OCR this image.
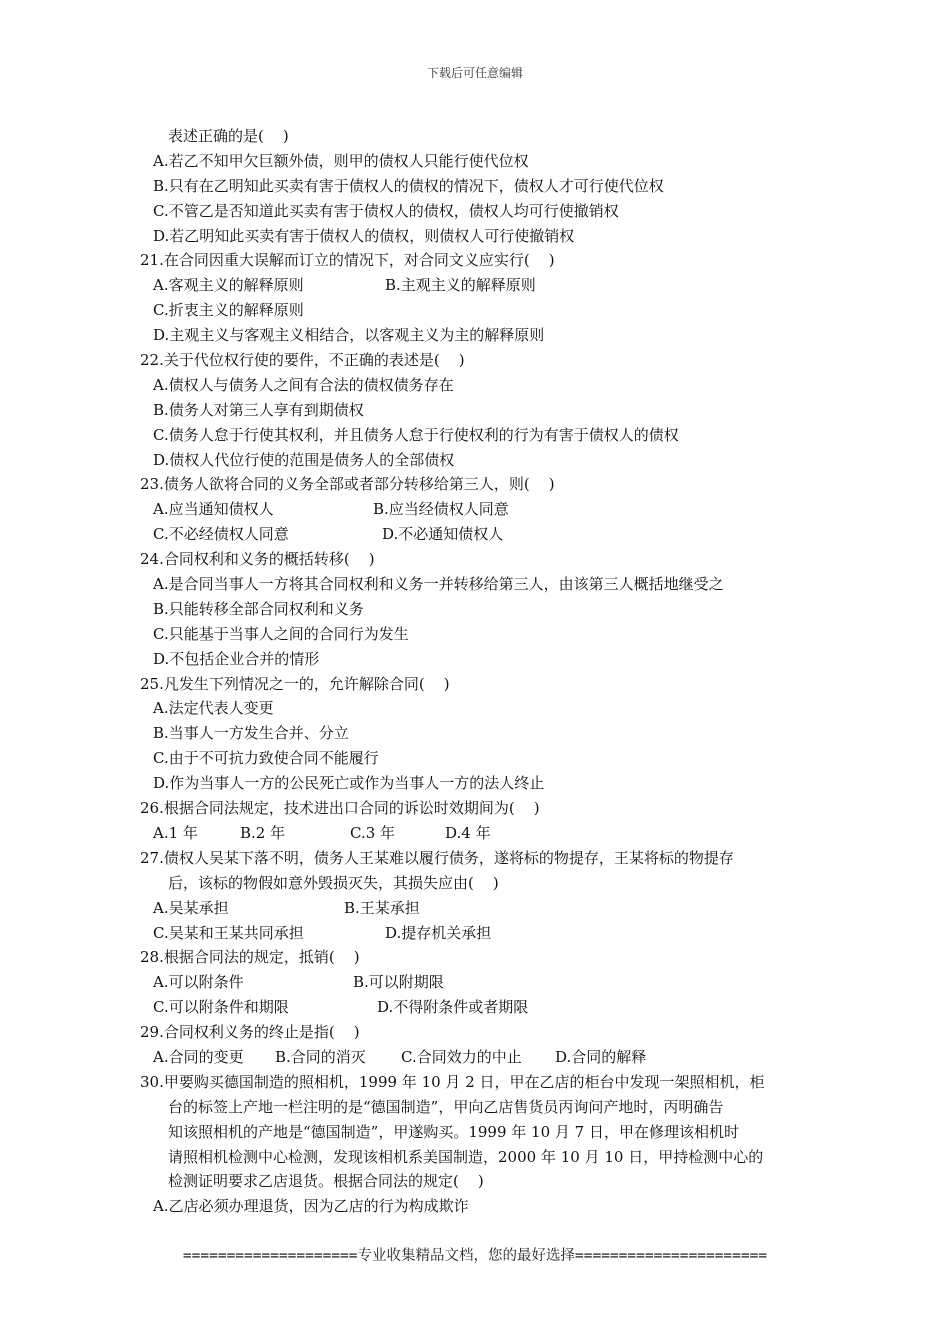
下载后可任意编辑
表述正确的是(    )
A.若乙不知甲欠巨额外债，则甲的债权人只能行使代位权
B.只有在乙明知此买卖有害于债权人的债权的情况下，债权人才可行使代位权
C.不管乙是否知道此买卖有害于债权人的债权，债权人均可行使撤销权
D.若乙明知此买卖有害于债权人的债权，则债权人可行使撤销权
21.在合同因重大误解而订立的情况下，对合同文义应实行(    )
A.客观主义的解释原则	B.主观主义的解释原则
C.折衷主义的解释原则
D.主观主义与客观主义相结合，以客观主义为主的解释原则
22.关于代位权行使的要件，不正确的表述是(    )
A.债权人与债务人之间有合法的债权债务存在
B.债务人对第三人享有到期债权
C.债务人怠于行使其权利，并且债务人怠于行使权利的行为有害于债权人的债权
D.债权人代位行使的范围是债务人的全部债权
23.债务人欲将合同的义务全部或者部分转移给第三人，则(    )
A.应当通知债权人	B.应当经债权人同意
C.不必经债权人同意	D.不必通知债权人
24.合同权利和义务的概括转移(    )
A.是合同当事人一方将其合同权利和义务一并转移给第三人，由该第三人概括地继受之
B.只能转移全部合同权利和义务
C.只能基于当事人之间的合同行为发生
D.不包括企业合并的情形
25.凡发生下列情况之一的，允许解除合同(    )
A.法定代表人变更
B.当事人一方发生合并、分立
C.由于不可抗力致使合同不能履行
D.作为当事人一方的公民死亡或作为当事人一方的法人终止
26.根据合同法规定，技术进出口合同的诉讼时效期间为(    )
A.1 年	B.2 年	C.3 年	D.4 年
27.债权人吴某下落不明，债务人王某难以履行债务，遂将标的物提存，王某将标的物提存
后，该标的物假如意外毁损灭失，其损失应由(    )
A.吴某承担	B.王某承担
C.吴某和王某共同承担	D.提存机关承担
28.根据合同法的规定，抵销(    )
A.可以附条件	B.可以附期限
C.可以附条件和期限	D.不得附条件或者期限
29.合同权利义务的终止是指(    )
A.合同的变更	B.合同的消灭	C.合同效力的中止	D.合同的解释
30.甲要购买德国制造的照相机，1999 年 10 月 2 日，甲在乙店的柜台中发现一架照相机，柜
台的标签上产地一栏注明的是“德国制造”，甲向乙店售货员丙询问产地时，丙明确告
知该照相机的产地是“德国制造”，甲遂购买。1999 年 10 月 7 日，甲在修理该相机时
请照相机检测中心检测，发现该相机系美国制造，2000 年 10 月 10 日，甲持检测中心的
检测证明要求乙店退货。根据合同法的规定(    )
A.乙店必须办理退货，因为乙店的行为构成欺诈
====================专业收集精品文档，您的最好选择======================
